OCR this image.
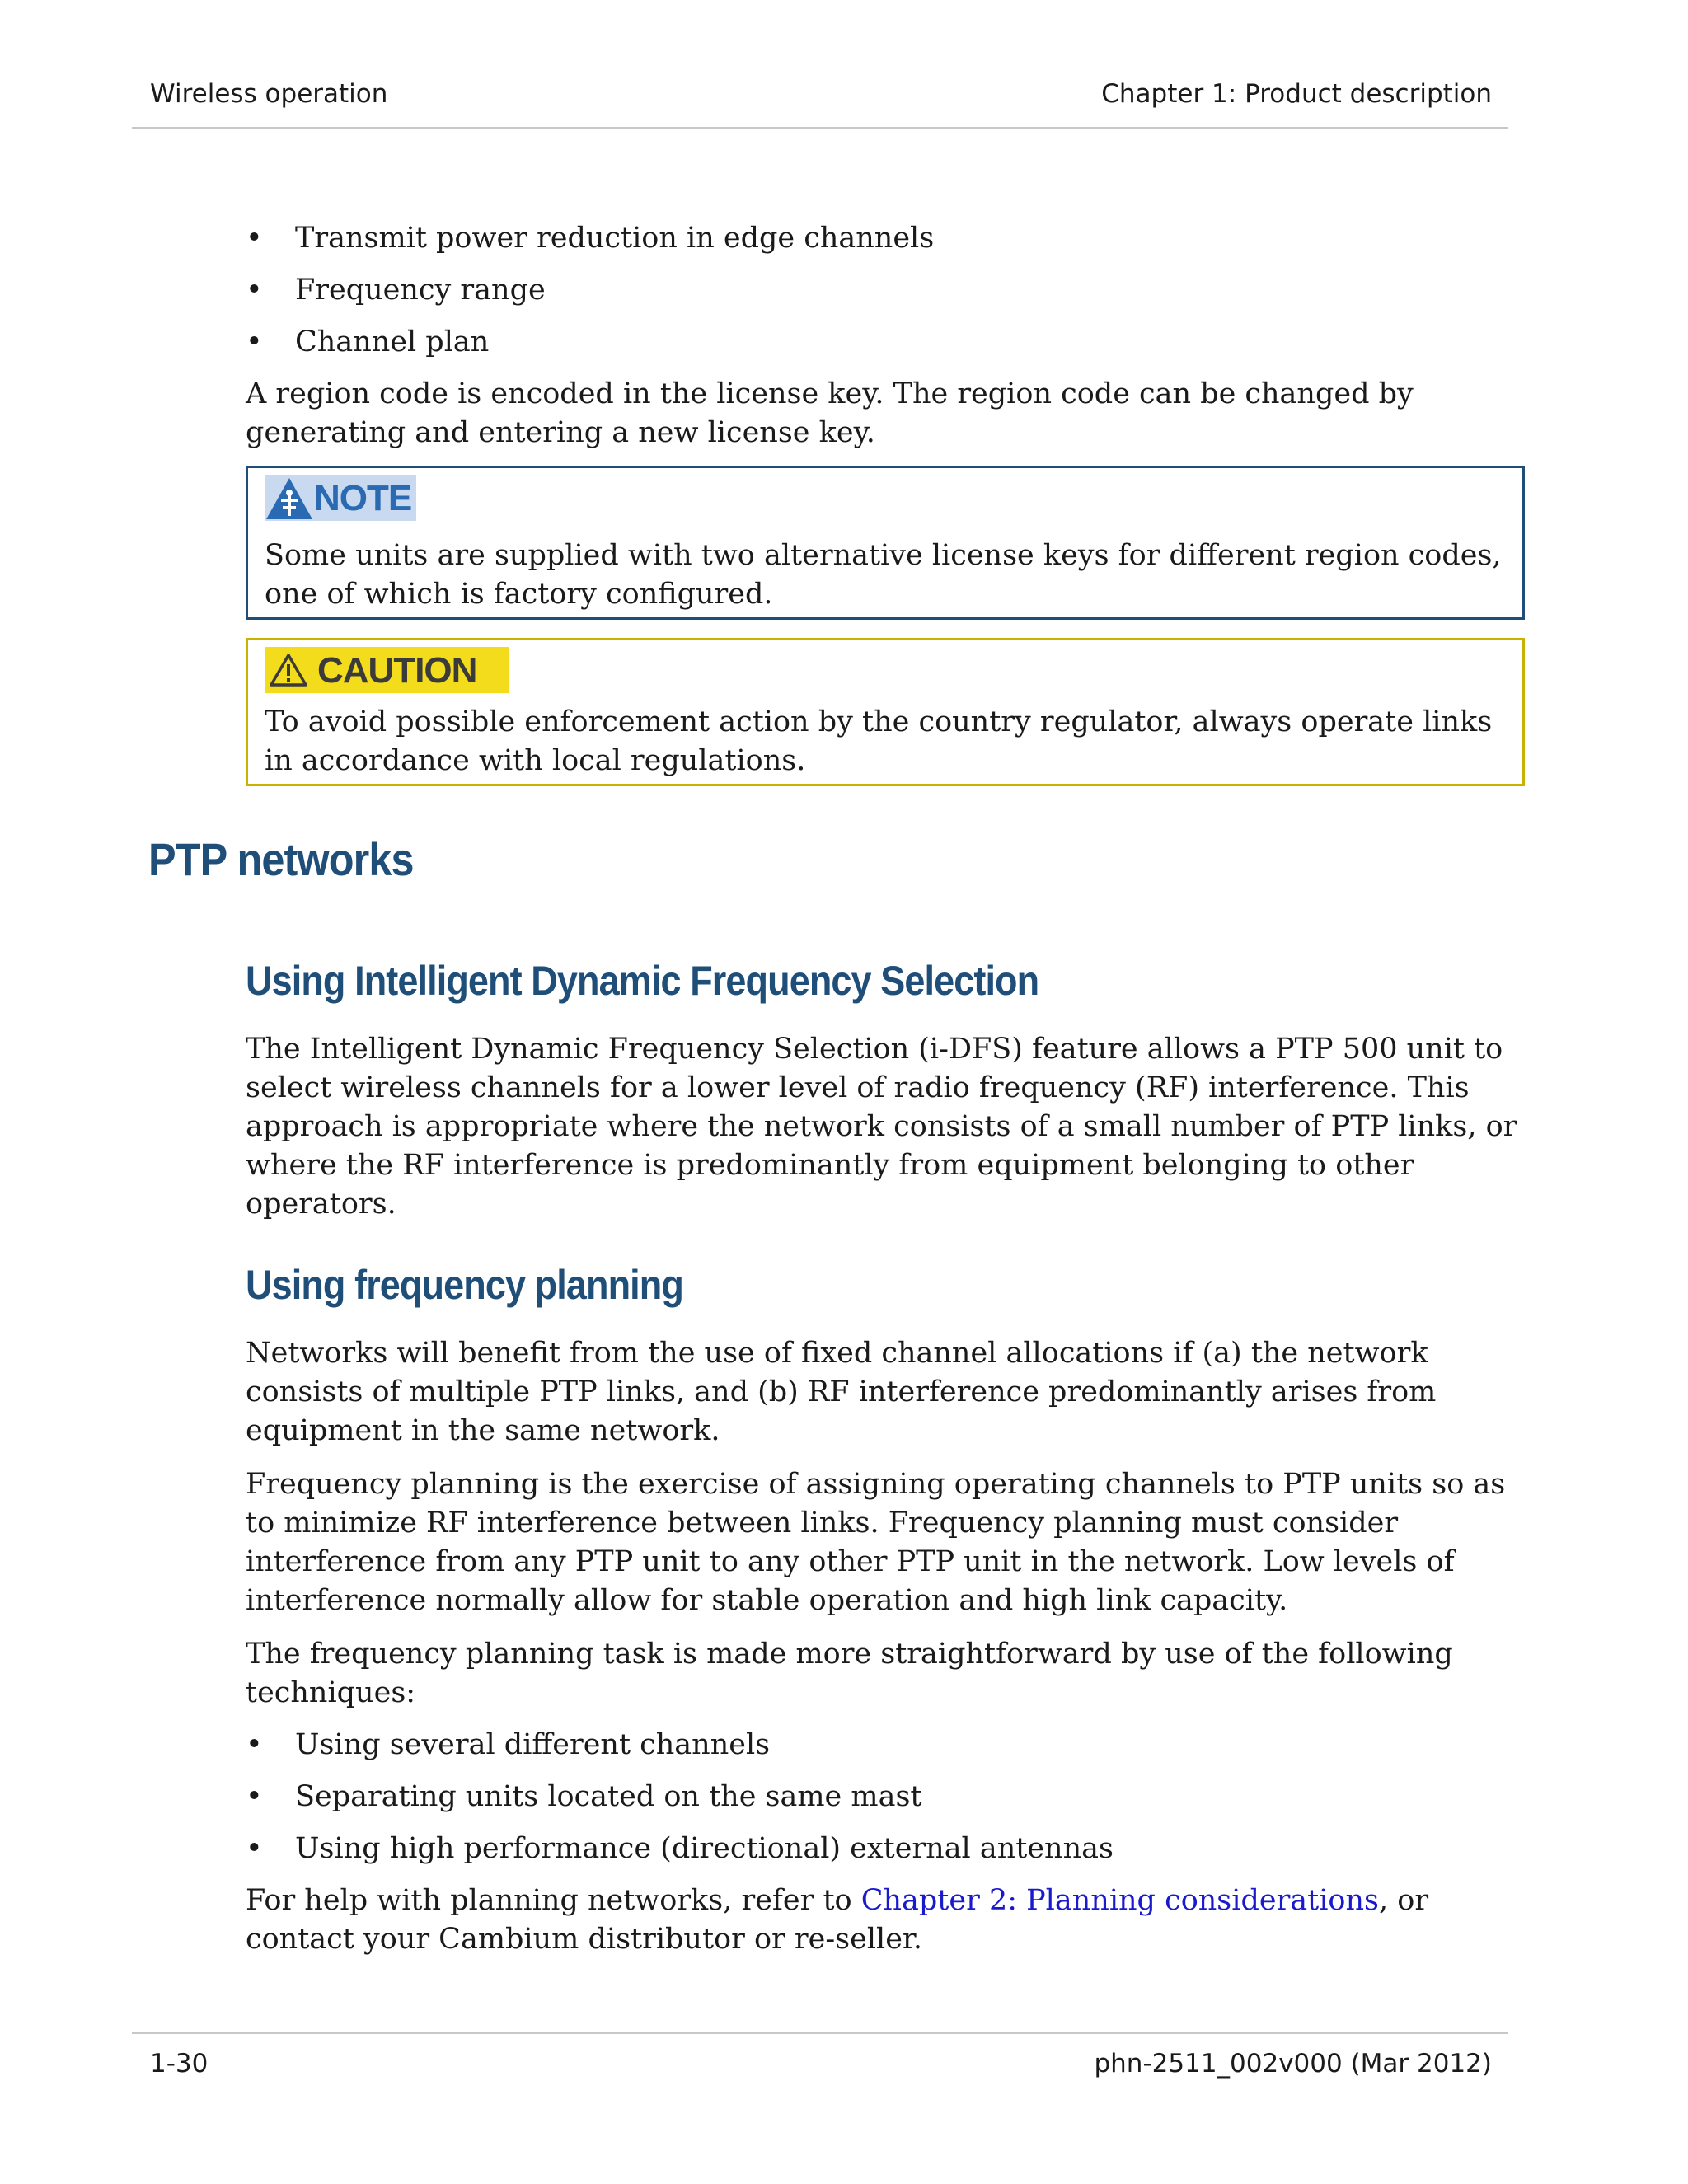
Wireless operation	Chapter 1: Product description
• Transmit power reduction in edge channels
• Frequency range
• Channel plan

A region code is encoded in the license key. The region code can be changed by generating and entering a new license key.

NOTE

Some units are supplied with two alternative license keys for different region codes, one of which is factory configured.

CAUTION

To avoid possible enforcement action by the country regulator, always operate links in accordance with local regulations.

PTP networks
Using Intelligent Dynamic Frequency Selection

The Intelligent Dynamic Frequency Selection (i-DFS) feature allows a PTP 500 unit to select wireless channels for a lower level of radio frequency (RF) interference. This approach is appropriate where the network consists of a small number of PTP links, or where the RF interference is predominantly from equipment belonging to other operators.

Using frequency planning

Networks will benefit from the use of fixed channel allocations if (a) the network consists of multiple PTP links, and (b) RF interference predominantly arises from equipment in the same network.

Frequency planning is the exercise of assigning operating channels to PTP units so as to minimize RF interference between links. Frequency planning must consider interference from any PTP unit to any other PTP unit in the network. Low levels of interference normally allow for stable operation and high link capacity.

The frequency planning task is made more straightforward by use of the following techniques:

• Using several different channels
• Separating units located on the same mast
• Using high performance (directional) external antennas

For help with planning networks, refer to Chapter 2: Planning considerations, or contact your Cambium distributor or re-seller.

1-30	phn-2511_002v000 (Mar 2012)
